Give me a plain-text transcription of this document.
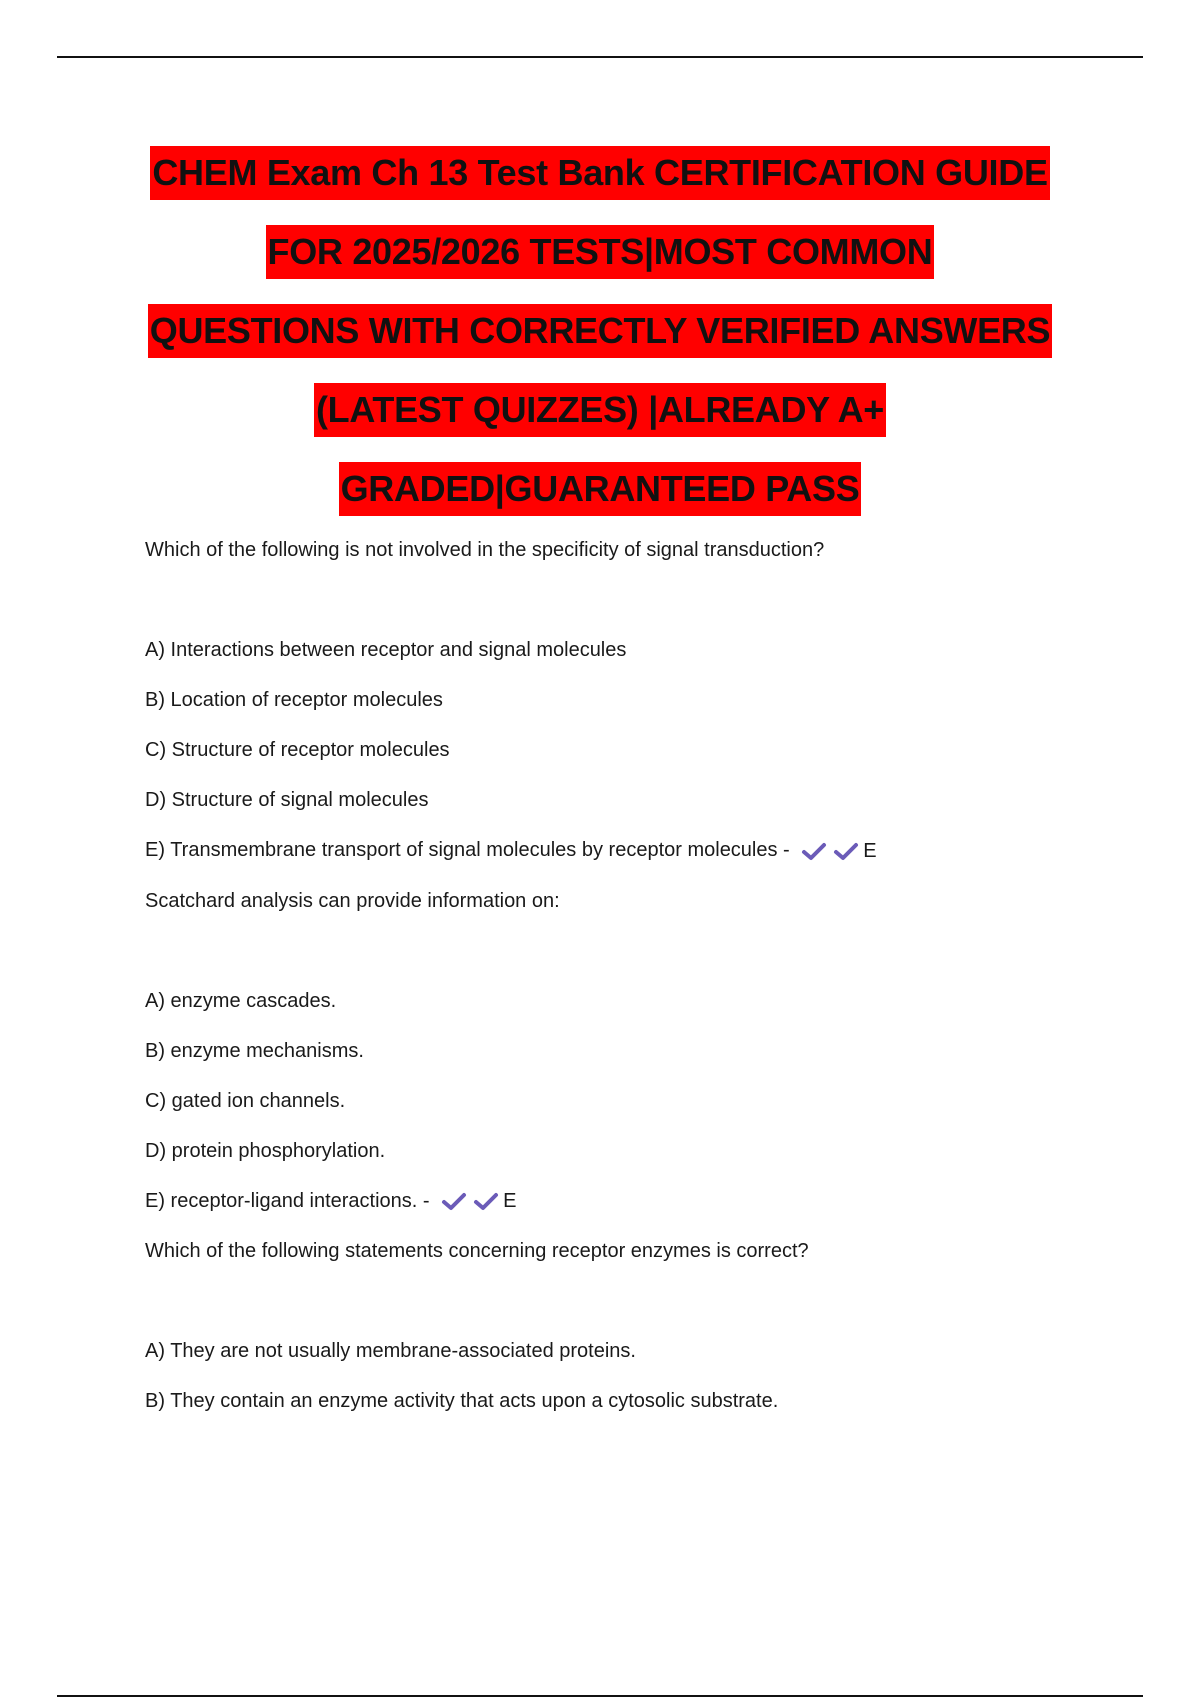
CHEM Exam Ch 13 Test Bank CERTIFICATION GUIDE
FOR 2025/2026 TESTS|MOST COMMON
QUESTIONS WITH CORRECTLY VERIFIED ANSWERS
(LATEST QUIZZES) |ALREADY A+
GRADED|GUARANTEED PASS

Which of the following is not involved in the specificity of signal transduction?

A) Interactions between receptor and signal molecules

B) Location of receptor molecules

C) Structure of receptor molecules

D) Structure of signal molecules

E) Transmembrane transport of signal molecules by receptor molecules -	E

Scatchard analysis can provide information on:

A) enzyme cascades.

B) enzyme mechanisms.

C) gated ion channels.

D) protein phosphorylation.

E) receptor-ligand interactions. -	E

Which of the following statements concerning receptor enzymes is correct?

A) They are not usually membrane-associated proteins.

B) They contain an enzyme activity that acts upon a cytosolic substrate.
